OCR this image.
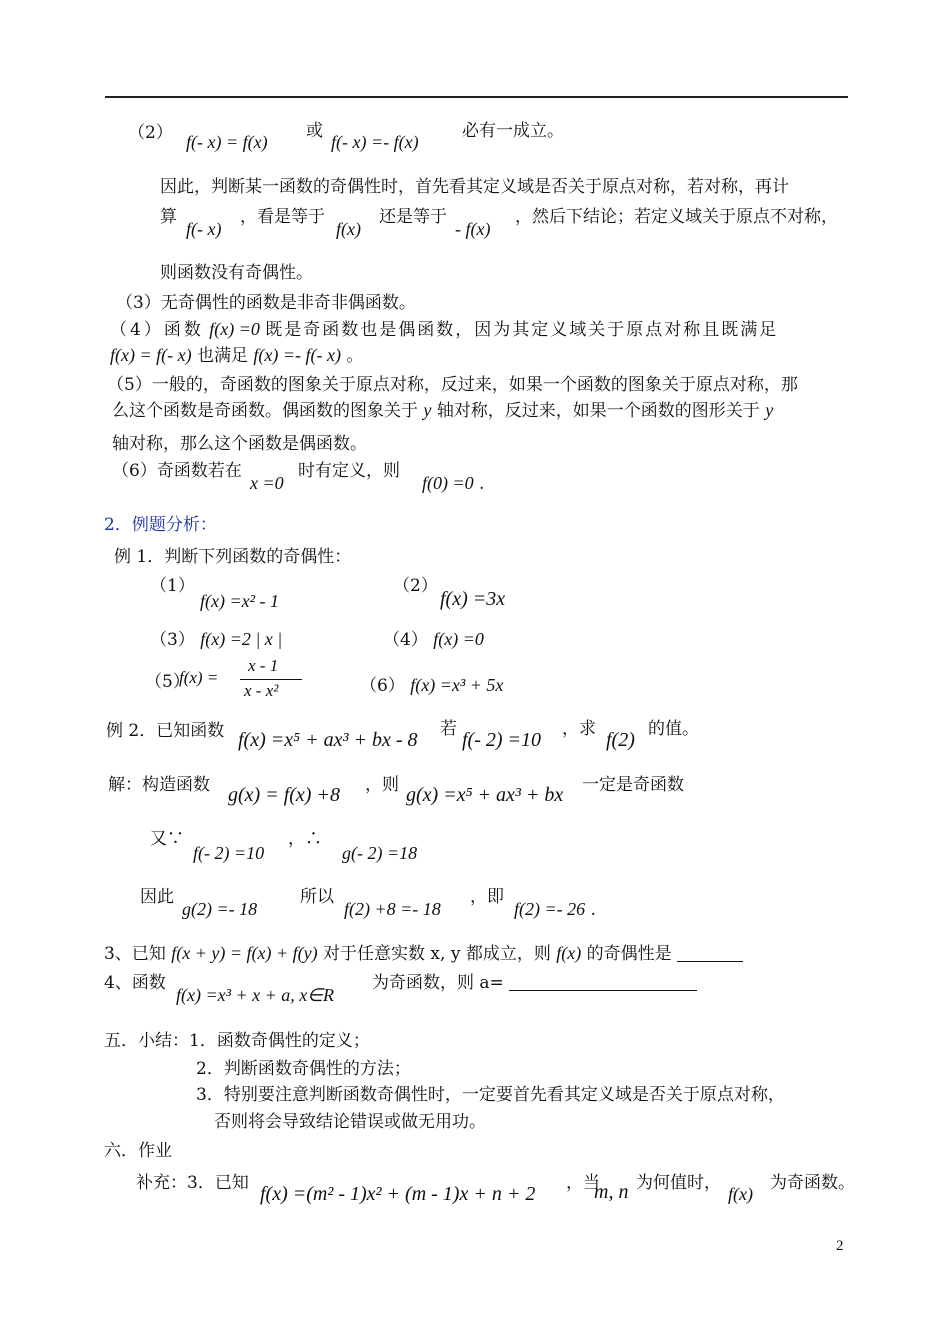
（2） f(- x) = f(x)
或
f(- x) =- f(x)
必有一成立。
因此，判断某一函数的奇偶性时，首先看其定义域是否关于原点对称，若对称，再计
算
f(- x)
，看是等于
f(x)
还是等于
- f(x)
，然后下结论；若定义域关于原点不对称，
则函数没有奇偶性。
（3）无奇偶性的函数是非奇非偶函数。
（4）函数 f(x) =0 既是奇函数也是偶函数，因为其定义域关于原点对称且既满足
f(x) = f(- x) 也满足 f(x) =- f(- x) 。
（5）一般的，奇函数的图象关于原点对称，反过来，如果一个函数的图象关于原点对称，那
么这个函数是奇函数。偶函数的图象关于 y 轴对称，反过来，如果一个函数的图形关于 y
轴对称，那么这个函数是偶函数。
（6）奇函数若在
x =0
时有定义，则
f(0) =0 .
2．例题分析：
例 1．判断下列函数的奇偶性：
（1）
f(x) =x² - 1
（2）
f(x) =3x
（3） f(x) =2 | x |	（4） f(x) =0
（5）
f(x) =
x - 1
x - x²	（6） f(x) =x³ + 5x
例 2．已知函数 f(x) =x⁵ + ax³ + bx - 8 若 f(- 2) =10 ，求 f(2) 的值。
解：构造函数 g(x) = f(x) +8 ，则 g(x) =x⁵ + ax³ + bx 一定是奇函数
又∵
f(- 2) =10
，∴
g(- 2) =18
因此
g(2) =- 18
所以
f(2) +8 =- 18
，即
f(2) =- 26 .
3、已知 f(x + y) = f(x) + f(y) 对于任意实数 x, y 都成立，则 f(x) 的奇偶性是
4、函数
f(x) =x³ + x + a, x∈R
为奇函数，则 a=
五．小结：1．函数奇偶性的定义；
2．判断函数奇偶性的方法；
3．特别要注意判断函数奇偶性时，一定要首先看其定义域是否关于原点对称，
否则将会导致结论错误或做无用功。
六．作业
补充：3．已知 f(x) =(m² - 1)x² + (m - 1)x + n + 2 ，当
m, n 为何值时，
f(x)
为奇函数。
2
